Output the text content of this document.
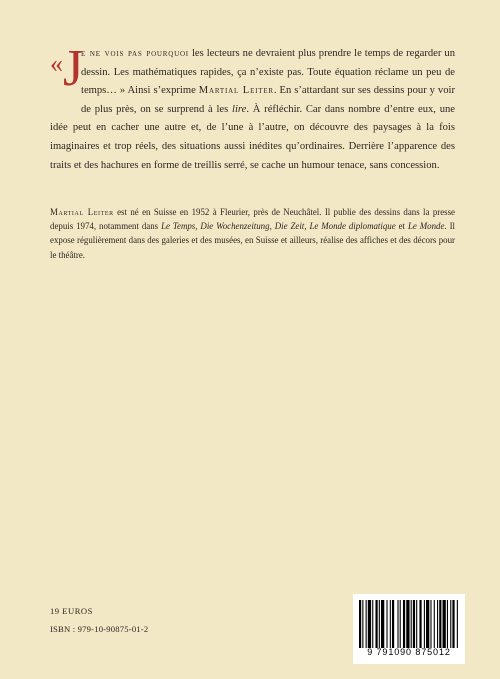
« J
e ne vois pas pourquoi les lecteurs ne devraient plus prendre le temps de regarder un dessin. Les mathématiques rapides, ça n’existe pas. Toute équation réclame un peu de temps… » Ainsi s’exprime Martial Leiter. En s’attardant sur ses dessins pour y voir de plus près, on se surprend à les lire. À réfléchir. Car dans nombre d’entre eux, une idée peut en cacher une autre et, de l’une à l’autre, on découvre des paysages à la fois imaginaires et trop réels, des situations aussi inédites qu’ordinaires. Derrière l’apparence des traits et des hachures en forme de treillis serré, se cache un humour tenace, sans concession.
Martial Leiter est né en Suisse en 1952 à Fleurier, près de Neuchâtel. Il publie des dessins dans la presse depuis 1974, notamment dans Le Temps, Die Wochenzeitung, Die Zeit, Le Monde diplomatique et Le Monde. Il expose régulièrement dans des galeries et des musées, en Suisse et ailleurs, réalise des affiches et des décors pour le théâtre.
19 EUROS
ISBN : 979-10-90875-01-2
9 791090 875012
